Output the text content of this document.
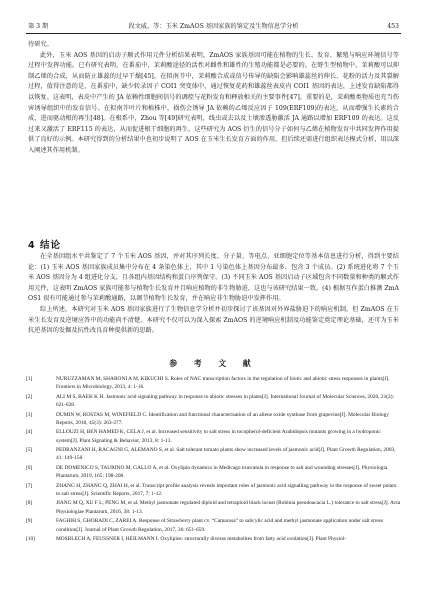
第 3 期	段文威，等：玉米 ZmAOS 基因家族的鉴定及生物信息学分析	453

待研究。

此外，玉米 AOS 基因的启动子顺式作用元件分析结果表明，ZmAOS 家族基因可能在植物的生长、发育、繁殖与响应环境信号等过程中发挥功能。已有研究表明，在番茄中，茉莉酸途径的活性对雌性和雄性的生殖功能都是必要的。在野生型植物中，茉莉酸可以抑制乙烯的合成，从而防止雄蕊的过早干燥[45]，在拟南芥中，茉莉酸合成或信号传导的缺陷会影响雄蕊丝的伸长、花粉的活力及其裂解过程，值得注意的是，在番茄中，缺少转录因子 COI1 突变体中，通过恢复花药和雄蕊丝表皮内 COI1 基因的表达，上述发育缺陷都得以恢复。这表明，表皮中产生的 JA 依赖性细胞间信号的调控与花粉发育和释放相关的主要事件[47]。重要的是，茉莉酸类物质也充当伤害诱导组织中的发育信号。在拟南芥叶片和植株中，损伤会诱导 JA 依赖的乙烯反应因子 109(ERF109)的表达，从而增强生长素的合成，进而驱动根的再生[48]。在根系中，Zhou 等[49]研究表明，线虫或去以及土壤渗透胁激活 JA 通路以增加 ERF109 的表达。这反过来又激活了 ERF115 的表达，从而促进根干细胞的再生，这些研究为 AOS 衍生的信号分子如何与乙烯在植物发育中共同发挥作用提供了良好的示例。本研究得到的分析结果中也初步说明了 AOS 在玉米生长发育方面的作用，但后续还需进行组织表达模式分析，用以深入阐述其作用机制。

4 结论

在全基因组水平共鉴定了 7 个玉米 AOS 基因，并对其序列长度、分子量、等电点、亚细胞定位等基本信息进行分析，得到主要结论：(1) 玉米 AOS 基因家族成员集中分布在 4 条染色体上，其中 1 号染色体上基因分布最多，包含 3 个成员。(2) 系统进化将 7 个玉米 AOS 基因分为 4 组进化分支，且各组内基因结构和蛋白序列保守。(3) 不同玉米 AOS 基因启动子区域包含不同数量和种类的顺式作用元件，这表明 ZmAOS 家族可能参与植物生长发育并且响应植物的非生物胁迫，这也与该研究结果一致。(4) 根据互作蛋白推测 ZmAOS1 很有可能通过参与茉莉酸通路，以调节植物生长发育，并在响应非生物胁迫中发挥作用。

综上所述，本研究对玉米 AOS 基因家族进行了生物信息学分析并初步探讨了该基因对外界盐胁迫下的响应机制，但 ZmAOS 在玉米生长发育及逆境应答中的功能尚不清楚。本研究不仅可以为深入探索 ZmAOS 的逆境响应机制及功能鉴定奠定理论基础，还可为玉米抗逆基因的发掘及抗性改良育种提供新的思路。

参 考 文 献
[1]	NURUZZAMAN M, SHARONI A M, KIKUCHI S. Roles of NAC transcription factors in the regulation of biotic and abiotic stress responses in plants[J]. Frontiers in Microbiology, 2013, 4: 1-16.
[2]	ALI M S, BAEK K H. Jasmonic acid signaling pathway in response to abiotic stresses in plants[J]. International Journal of Molecular Sciences, 2020, 21(2): 621-628.
[3]	DUMIN W, ROSTAS M, WINEFIELD C. Identification and functional characterisation of an allene oxide synthase from grapevine[J]. Molecular Biology Reports, 2018, 45(3): 263-277.
[4]	ELLOUZI H, BEN HAMED K, CELA J, et al. Increased sensitivity to salt stress in tocopherol-deficient Arabidopsis mutants growing in a hydroponic system[J]. Plant Signaling & Behavior, 2013, 8: 1-13.
[5]	PEDRANZANI H, RACAGNI G, ALEMANO S, et al. Salt tolerant tomato plants show increased levels of jasmonic acid[J]. Plant Growth Regulation, 2003, 41: 149-158.
[6]	DE DOMENICO S, TAURINO M, GALLO A, et al. Oxylipin dynamics in Medicago truncatula in response to salt and wounding stresses[J]. Physiologia Plantarum, 2019, 165: 198-208.
[7]	ZHANG H, ZHANG Q, ZHAI H, et al. Transcript profile analysis reveals important roles of jasmonic acid signalling pathway in the response of sweet potato to salt stress[J]. Scientific Reports, 2017, 7: 1-12.
[8]	JIANG M Q, XU F L, PENG M, et al. Methyl jasmonate regulated diploid and tetraploid black locust (Robinia pseudoacacia L.) tolerance to salt stress[J]. Acta Physiologiae Plantarum, 2016, 38: 1-13.
[9]	FAGHIH S, GHOBADI C, ZAREI A. Response of Strawberry plant cv. “Camarosa” to salicylic acid and methyl jasmonate application under salt stress condition[J]. Journal of Plant Growth Regulation, 2017, 36: 651-659.
[10]	MOSBLECH A, FEUSSNER I, HEILMANN I. Oxylipins: structurally diverse metabolites from fatty acid oxidation[J]. Plant Physiol-
